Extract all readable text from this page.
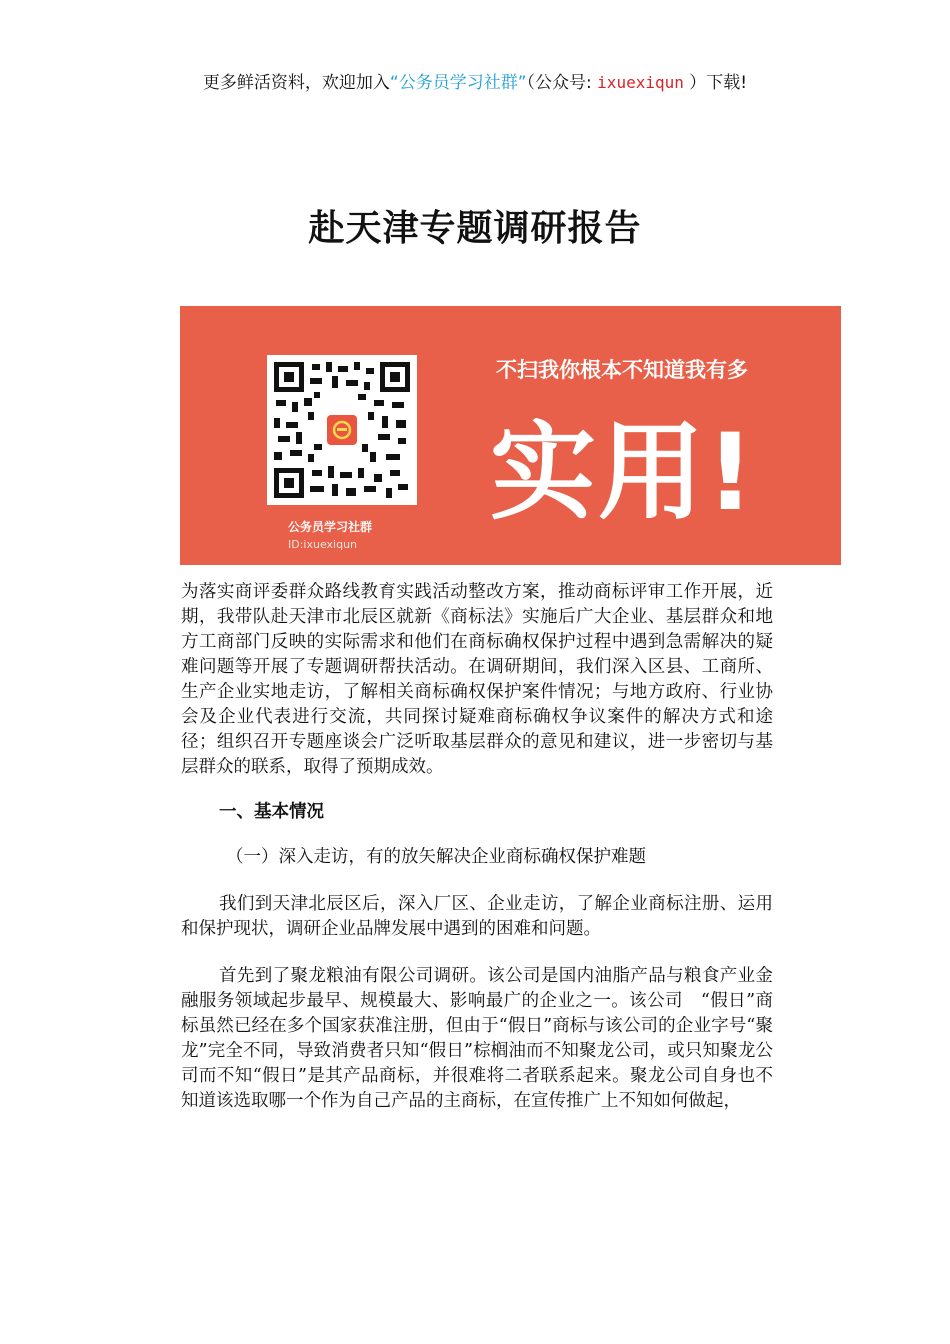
更多鲜活资料，欢迎加入“公务员学习社群”（公众号: ixuexiqun ）下载!
赴天津专题调研报告
公务员学习社群
ID:ixuexiqun
不扫我你根本不知道我有多
实用!

为落实商评委群众路线教育实践活动整改方案，推动商标评审工作开展，近期，我带队赴天津市北辰区就新《商标法》实施后广大企业、基层群众和地方工商部门反映的实际需求和他们在商标确权保护过程中遇到急需解决的疑难问题等开展了专题调研帮扶活动。在调研期间，我们深入区县、工商所、生产企业实地走访，了解相关商标确权保护案件情况；与地方政府、行业协会及企业代表进行交流，共同探讨疑难商标确权争议案件的解决方式和途径；组织召开专题座谈会广泛听取基层群众的意见和建议，进一步密切与基层群众的联系，取得了预期成效。

一、基本情况

（一）深入走访，有的放矢解决企业商标确权保护难题

我们到天津北辰区后，深入厂区、企业走访，了解企业商标注册、运用和保护现状，调研企业品牌发展中遇到的困难和问题。

首先到了聚龙粮油有限公司调研。该公司是国内油脂产品与粮食产业金融服务领域起步最早、规模最大、影响最广的企业之一。该公司　“假日”商标虽然已经在多个国家获准注册，但由于“假日”商标与该公司的企业字号“聚龙”完全不同，导致消费者只知“假日”棕榈油而不知聚龙公司，或只知聚龙公司而不知“假日”是其产品商标，并很难将二者联系起来。聚龙公司自身也不知道该选取哪一个作为自己产品的主商标，在宣传推广上不知如何做起，
